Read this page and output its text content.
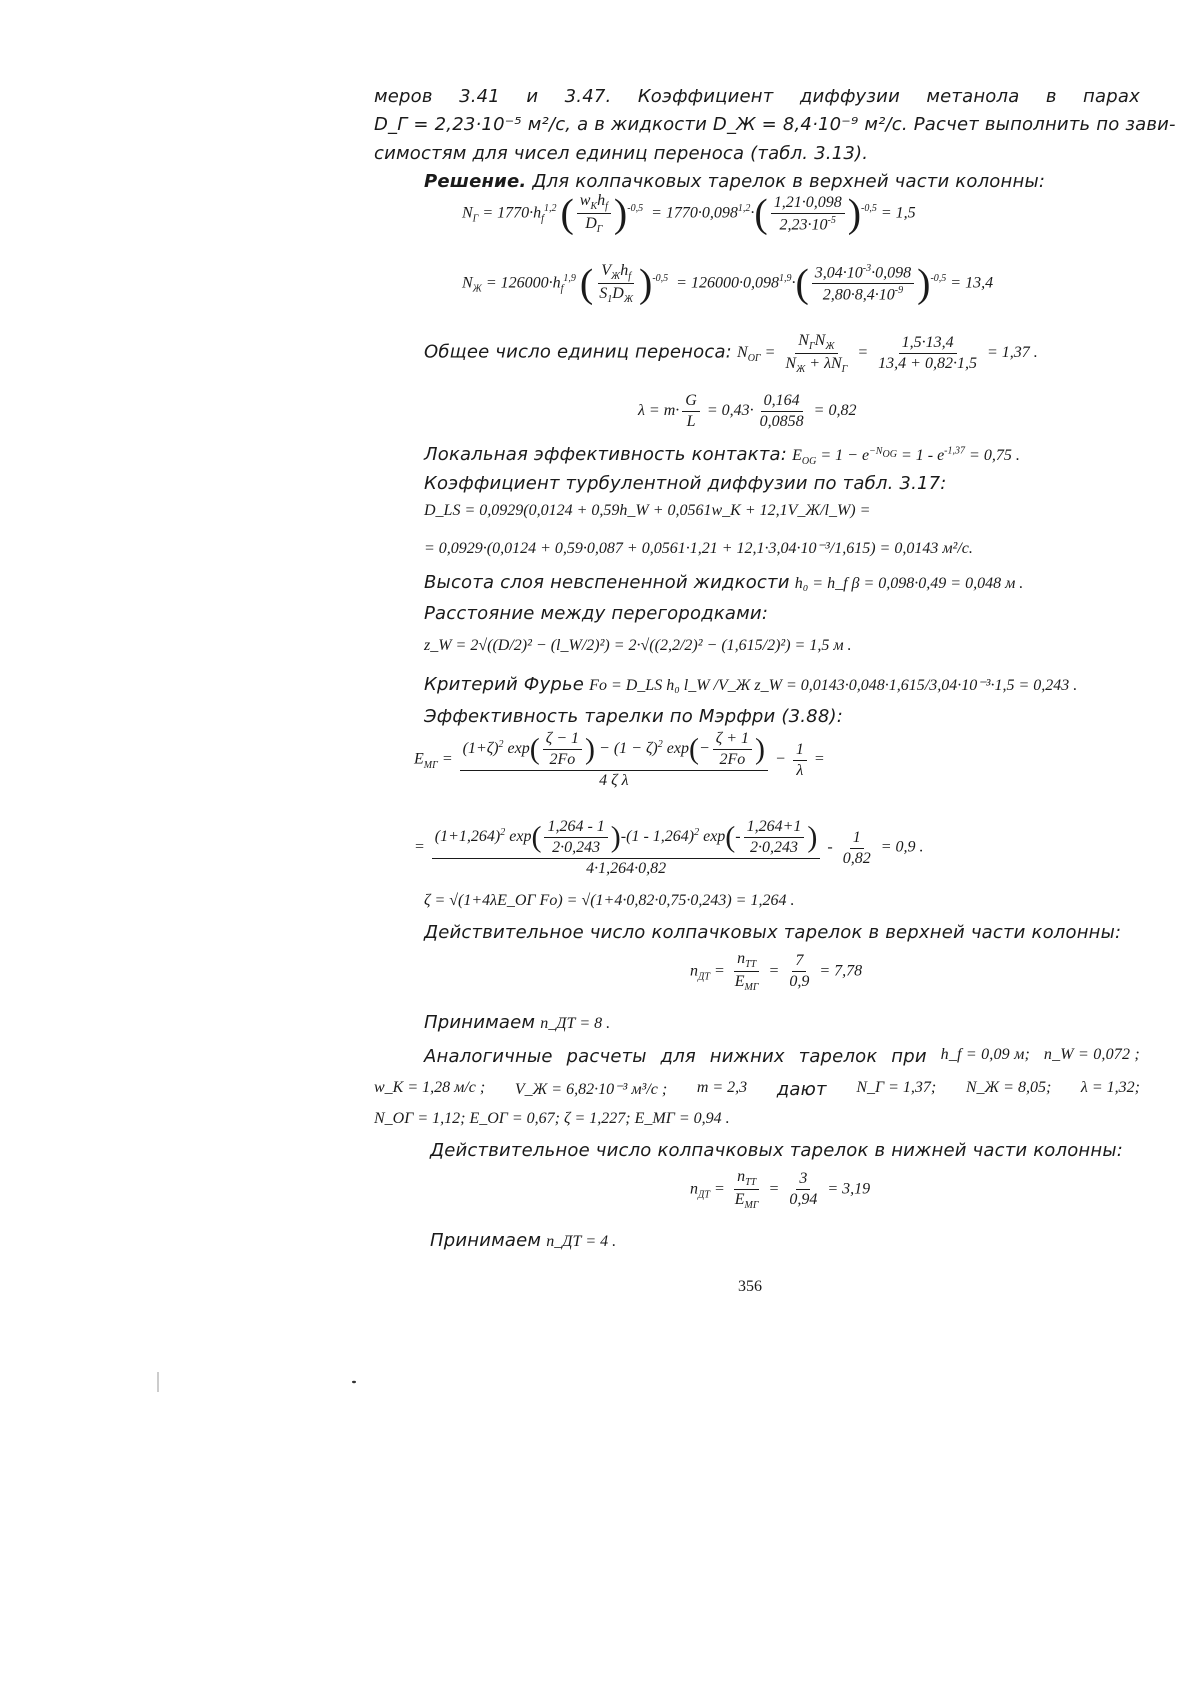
меров 3.41 и 3.47. Коэффициент диффузии метанола в парах
D_Г = 2,23·10⁻⁵ м²/с, а в жидкости D_Ж = 8,4·10⁻⁹ м²/с. Расчет выполнить по зави-
симостям для чисел единиц переноса (табл. 3.13).
Решение. Для колпачковых тарелок в верхней части колонны:
$N_Г = 1770\cdot h_f^{1,2}$ ( $\frac{w_Kh_f}{D_Г} )^{-0,5} = 1770\cdot 0,098^{1,2}\cdot( \frac{1,21\cdot 0,098}{2,23\cdot 10^{-5}} )^{-0,5} = 1,5$
$N_Ж = 126000\cdot h_f^{1,9}$ ( $\frac{V_Жh_f}{S_1D_Ж} )^{-0,5} = 126000\cdot 0,098^{1,9}\cdot( \frac{3,04\cdot 10^{-3}\cdot 0,098}{2,80\cdot 8,4\cdot 10^{-9}} )^{-0,5} = 13,4$
Общее число единиц переноса: $N_{ОГ} = \frac{N_ГN_Ж}{N_Ж + \lambda N_Г} = \frac{1,5\cdot 13,4}{13,4 + 0,82\cdot 1,5} = 1,37$ .
$\lambda = m\cdot \frac{G}{L} = 0,43\cdot \frac{0,164}{0,0858} = 0,82$
Локальная эффективность контакта: $E_{OG} = 1 - e^{-N_{OG}} = 1 - e^{-1,37} = 0,75$ .
Коэффициент турбулентной диффузии по табл. 3.17:
D_LS = 0,0929(0,0124 + 0,59h_W + 0,0561w_K + 12,1V_Ж/l_W) =
= 0,0929·(0,0124 + 0,59·0,087 + 0,0561·1,21 + 12,1·3,04·10⁻³/1,615) = 0,0143 м²/с.
Высота слоя невспененной жидкости h₀ = h_f β = 0,098·0,49 = 0,048 м .
Расстояние между перегородками:
z_W = 2√((D/2)² − (l_W/2)²) = 2·√((2,2/2)² − (1,615/2)²) = 1,5 м .
Критерий Фурье Fo = D_LS h₀ l_W /V_Ж z_W = 0,0143·0,048·1,615/3,04·10⁻³·1,5 = 0,243 .
Эффективность тарелки по Мэрфри (3.88):
$E_{МГ} = \frac{(1+\zeta)^2 \exp( \frac{\zeta - 1}{2Fo} ) - (1 - \zeta)^2 \exp(- \frac{\zeta + 1}{2Fo} )}{\text{4 ζ λ}} - \frac{1}{\lambda}$ =
=
$(1+1,264)^2$ $\exp( \frac{1,264 - 1}{2\cdot 0,243} )-(1 - 1,264)^2$ $\exp(- \frac{1,264+1}{2\cdot 0,243}$ )
4·1,264·0,82
- $\frac{1}{0,82} = 0,9$ .
ζ = √(1+4λE_ОГ Fo) = √(1+4·0,82·0,75·0,243) = 1,264 .
Действительное число колпачковых тарелок в верхней части колонны:
$n_{ДТ} = \frac{n_{ТТ}}{E_{МГ}} = \frac{7}{0,9} = 7,78$
Принимаем n_ДТ = 8 .
Аналогичные расчеты для нижних тарелок при h_f = 0,09 м; n_W = 0,072 ;
w_K = 1,28 м/с ; V_Ж = 6,82·10⁻³ м³/с ; m = 2,3 дают N_Г = 1,37; N_Ж = 8,05; λ = 1,32;
N_ОГ = 1,12; E_ОГ = 0,67; ζ = 1,227; E_МГ = 0,94 .
Действительное число колпачковых тарелок в нижней части колонны:
$n_{ДТ} = \frac{n_{ТТ}}{E_{МГ}} = \frac{3}{0,94} = 3,19$
Принимаем n_ДТ = 4 .
356
